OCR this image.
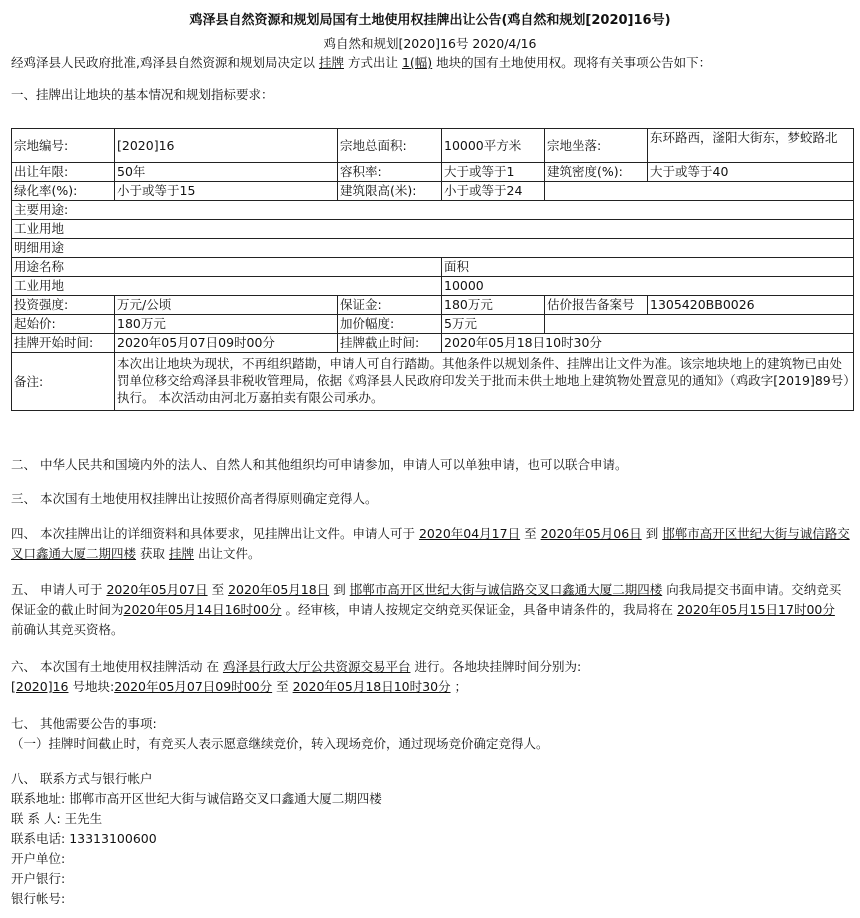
鸡泽县自然资源和规划局国有土地使用权挂牌出让公告(鸡自然和规划[2020]16号)
鸡自然和规划[2020]16号 2020/4/16
经鸡泽县人民政府批准,鸡泽县自然资源和规划局决定以 挂牌 方式出让 1(幅) 地块的国有土地使用权。现将有关事项公告如下：
一、挂牌出让地块的基本情况和规划指标要求：
宗地编号:	[2020]16	宗地总面积:	10000平方米	宗地坐落:	东环路西，滏阳大街东，梦蛟路北
出让年限:	50年	容积率:	大于或等于1	建筑密度(%):	大于或等于40
绿化率(%):	小于或等于15	建筑限高(米):	小于或等于24		
主要用途:					
工业用地					
明细用途					
用途名称			面积		
工业用地			10000		
投资强度:	万元/公顷	保证金:	180万元	估价报告备案号	1305420BB0026
起始价:	180万元	加价幅度:	5万元		
挂牌开始时间:	2020年05月07日09时00分	挂牌截止时间:	2020年05月18日10时30分		
备注:	本次出让地块为现状，不再组织踏勘，申请人可自行踏勘。其他条件以规划条件、挂牌出让文件为准。该宗地块地上的建筑物已由处罚单位移交给鸡泽县非税收管理局，依据《鸡泽县人民政府印发关于批而未供土地地上建筑物处置意见的通知》（鸡政字[2019]89号）执行。 本次活动由河北万嘉拍卖有限公司承办。				
二、 中华人民共和国境内外的法人、自然人和其他组织均可申请参加，申请人可以单独申请，也可以联合申请。
三、 本次国有土地使用权挂牌出让按照价高者得原则确定竞得人。
四、 本次挂牌出让的详细资料和具体要求，见挂牌出让文件。申请人可于 2020年04月17日 至 2020年05月06日 到 邯郸市高开区世纪大街与诚信路交叉口鑫通大厦二期四楼 获取 挂牌 出让文件。
五、 申请人可于 2020年05月07日 至 2020年05月18日 到 邯郸市高开区世纪大街与诚信路交叉口鑫通大厦二期四楼 向我局提交书面申请。交纳竞买保证金的截止时间为2020年05月14日16时00分 。经审核，申请人按规定交纳竞买保证金，具备申请条件的，我局将在 2020年05月15日17时00分 前确认其竞买资格。
六、 本次国有土地使用权挂牌活动 在 鸡泽县行政大厅公共资源交易平台 进行。各地块挂牌时间分别为:
[2020]16 号地块:2020年05月07日09时00分 至 2020年05月18日10时30分 ；
七、 其他需要公告的事项:
（一）挂牌时间截止时，有竞买人表示愿意继续竞价，转入现场竞价，通过现场竞价确定竞得人。
八、 联系方式与银行帐户
联系地址: 邯郸市高开区世纪大街与诚信路交叉口鑫通大厦二期四楼
联 系 人: 王先生
联系电话: 13313100600
开户单位:
开户银行:
银行帐号:
